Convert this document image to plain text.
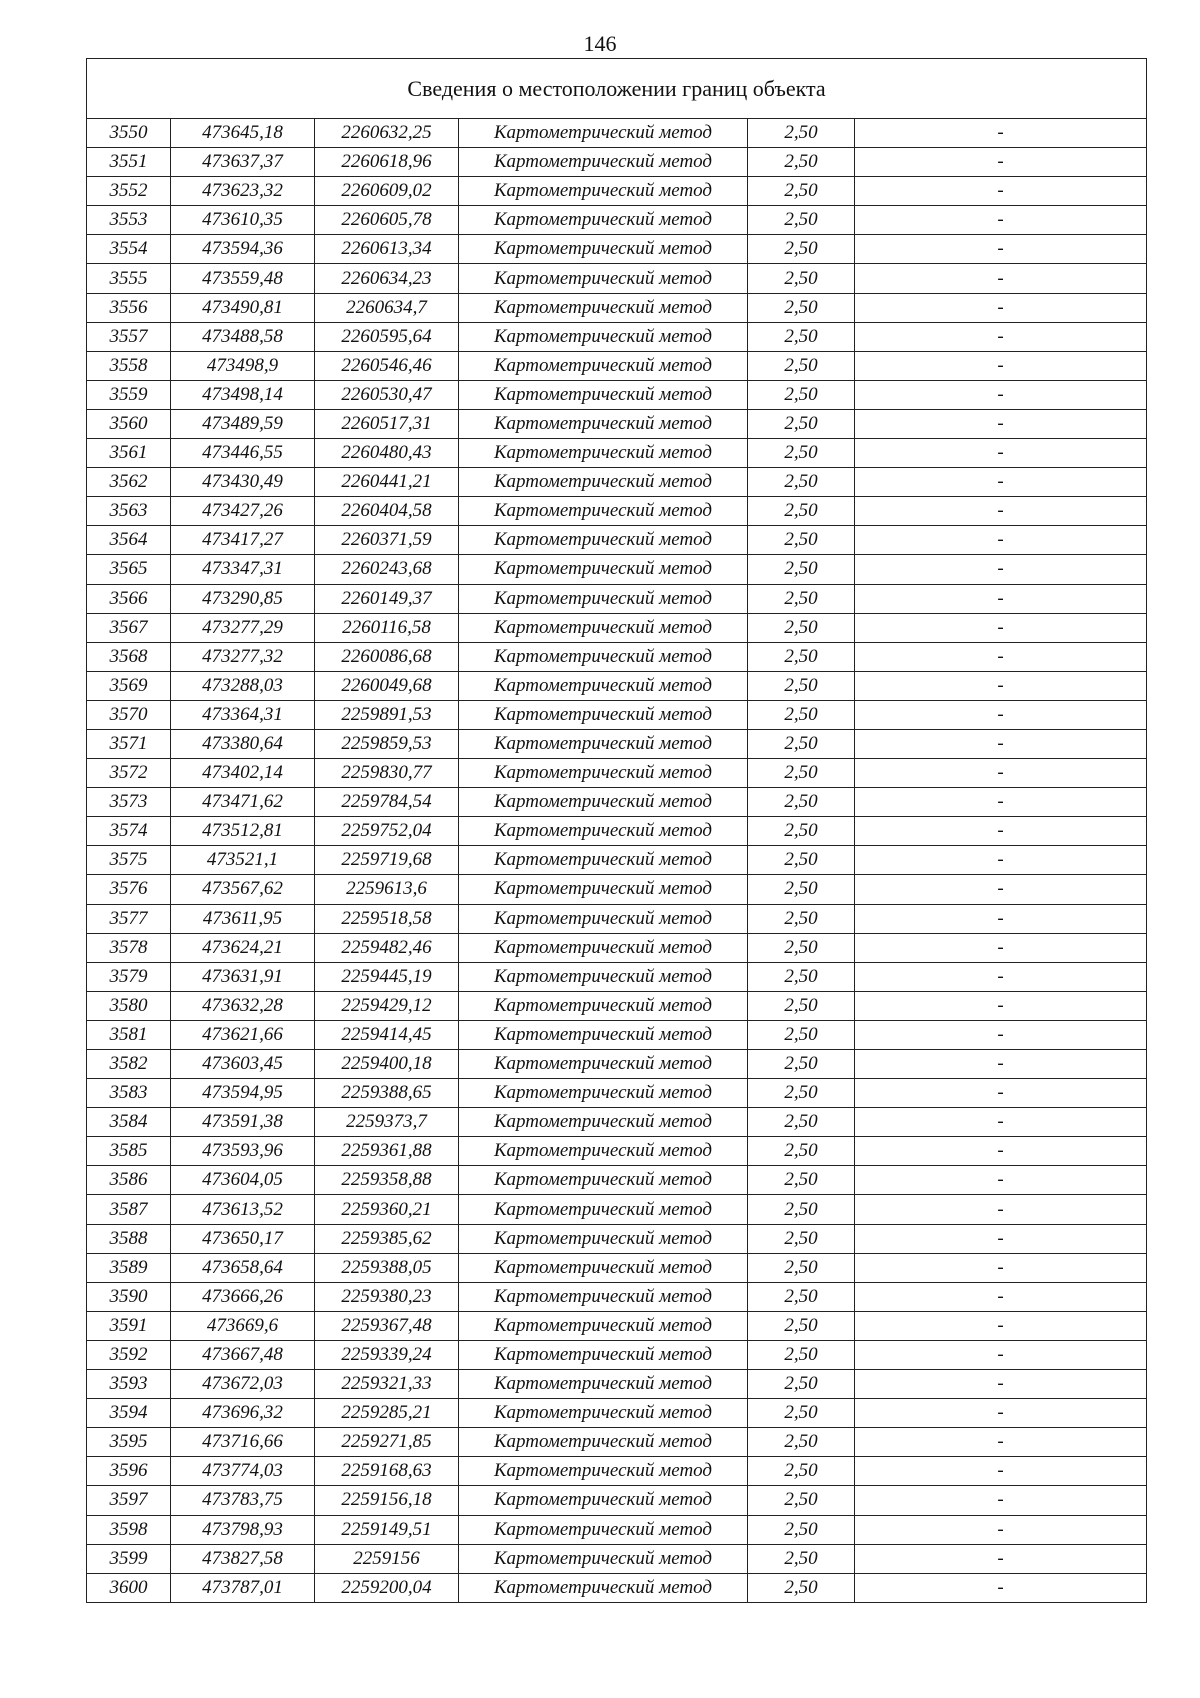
146
Сведения о местоположении границ объекта					
3550	473645,18	2260632,25	Картометрический метод	2,50	-
3551	473637,37	2260618,96	Картометрический метод	2,50	-
3552	473623,32	2260609,02	Картометрический метод	2,50	-
3553	473610,35	2260605,78	Картометрический метод	2,50	-
3554	473594,36	2260613,34	Картометрический метод	2,50	-
3555	473559,48	2260634,23	Картометрический метод	2,50	-
3556	473490,81	2260634,7	Картометрический метод	2,50	-
3557	473488,58	2260595,64	Картометрический метод	2,50	-
3558	473498,9	2260546,46	Картометрический метод	2,50	-
3559	473498,14	2260530,47	Картометрический метод	2,50	-
3560	473489,59	2260517,31	Картометрический метод	2,50	-
3561	473446,55	2260480,43	Картометрический метод	2,50	-
3562	473430,49	2260441,21	Картометрический метод	2,50	-
3563	473427,26	2260404,58	Картометрический метод	2,50	-
3564	473417,27	2260371,59	Картометрический метод	2,50	-
3565	473347,31	2260243,68	Картометрический метод	2,50	-
3566	473290,85	2260149,37	Картометрический метод	2,50	-
3567	473277,29	2260116,58	Картометрический метод	2,50	-
3568	473277,32	2260086,68	Картометрический метод	2,50	-
3569	473288,03	2260049,68	Картометрический метод	2,50	-
3570	473364,31	2259891,53	Картометрический метод	2,50	-
3571	473380,64	2259859,53	Картометрический метод	2,50	-
3572	473402,14	2259830,77	Картометрический метод	2,50	-
3573	473471,62	2259784,54	Картометрический метод	2,50	-
3574	473512,81	2259752,04	Картометрический метод	2,50	-
3575	473521,1	2259719,68	Картометрический метод	2,50	-
3576	473567,62	2259613,6	Картометрический метод	2,50	-
3577	473611,95	2259518,58	Картометрический метод	2,50	-
3578	473624,21	2259482,46	Картометрический метод	2,50	-
3579	473631,91	2259445,19	Картометрический метод	2,50	-
3580	473632,28	2259429,12	Картометрический метод	2,50	-
3581	473621,66	2259414,45	Картометрический метод	2,50	-
3582	473603,45	2259400,18	Картометрический метод	2,50	-
3583	473594,95	2259388,65	Картометрический метод	2,50	-
3584	473591,38	2259373,7	Картометрический метод	2,50	-
3585	473593,96	2259361,88	Картометрический метод	2,50	-
3586	473604,05	2259358,88	Картометрический метод	2,50	-
3587	473613,52	2259360,21	Картометрический метод	2,50	-
3588	473650,17	2259385,62	Картометрический метод	2,50	-
3589	473658,64	2259388,05	Картометрический метод	2,50	-
3590	473666,26	2259380,23	Картометрический метод	2,50	-
3591	473669,6	2259367,48	Картометрический метод	2,50	-
3592	473667,48	2259339,24	Картометрический метод	2,50	-
3593	473672,03	2259321,33	Картометрический метод	2,50	-
3594	473696,32	2259285,21	Картометрический метод	2,50	-
3595	473716,66	2259271,85	Картометрический метод	2,50	-
3596	473774,03	2259168,63	Картометрический метод	2,50	-
3597	473783,75	2259156,18	Картометрический метод	2,50	-
3598	473798,93	2259149,51	Картометрический метод	2,50	-
3599	473827,58	2259156	Картометрический метод	2,50	-
3600	473787,01	2259200,04	Картометрический метод	2,50	-
